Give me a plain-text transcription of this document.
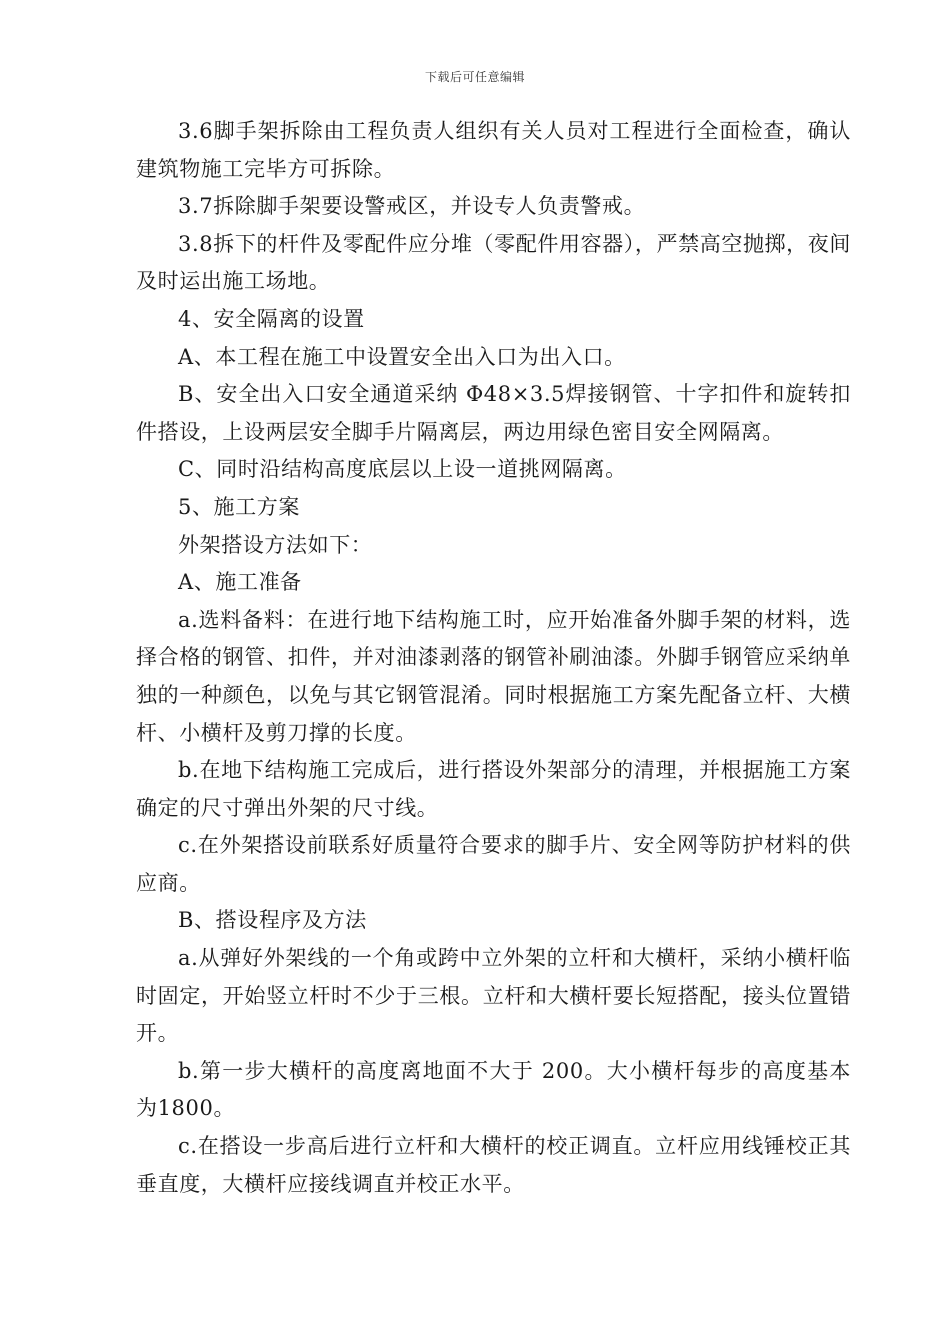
下载后可任意编辑

3.6脚手架拆除由工程负责人组织有关人员对工程进行全面检查，确认建筑物施工完毕方可拆除。

3.7拆除脚手架要设警戒区，并设专人负责警戒。

3.8拆下的杆件及零配件应分堆（零配件用容器），严禁高空抛掷，夜间及时运出施工场地。

4、安全隔离的设置

A、本工程在施工中设置安全出入口为出入口。

B、安全出入口安全通道采纳 Φ48×3.5焊接钢管、十字扣件和旋转扣件搭设，上设两层安全脚手片隔离层，两边用绿色密目安全网隔离。

C、同时沿结构高度底层以上设一道挑网隔离。

5、施工方案

外架搭设方法如下：

A、施工准备

a.选料备料：在进行地下结构施工时，应开始准备外脚手架的材料，选择合格的钢管、扣件，并对油漆剥落的钢管补刷油漆。外脚手钢管应采纳单独的一种颜色，以免与其它钢管混淆。同时根据施工方案先配备立杆、大横杆、小横杆及剪刀撑的长度。

b.在地下结构施工完成后，进行搭设外架部分的清理，并根据施工方案确定的尺寸弹出外架的尺寸线。

c.在外架搭设前联系好质量符合要求的脚手片、安全网等防护材料的供应商。

B、搭设程序及方法

a.从弹好外架线的一个角或跨中立外架的立杆和大横杆，采纳小横杆临时固定，开始竖立杆时不少于三根。立杆和大横杆要长短搭配，接头位置错开。

b.第一步大横杆的高度离地面不大于 200。大小横杆每步的高度基本为1800。

c.在搭设一步高后进行立杆和大横杆的校正调直。立杆应用线锤校正其垂直度，大横杆应接线调直并校正水平。
